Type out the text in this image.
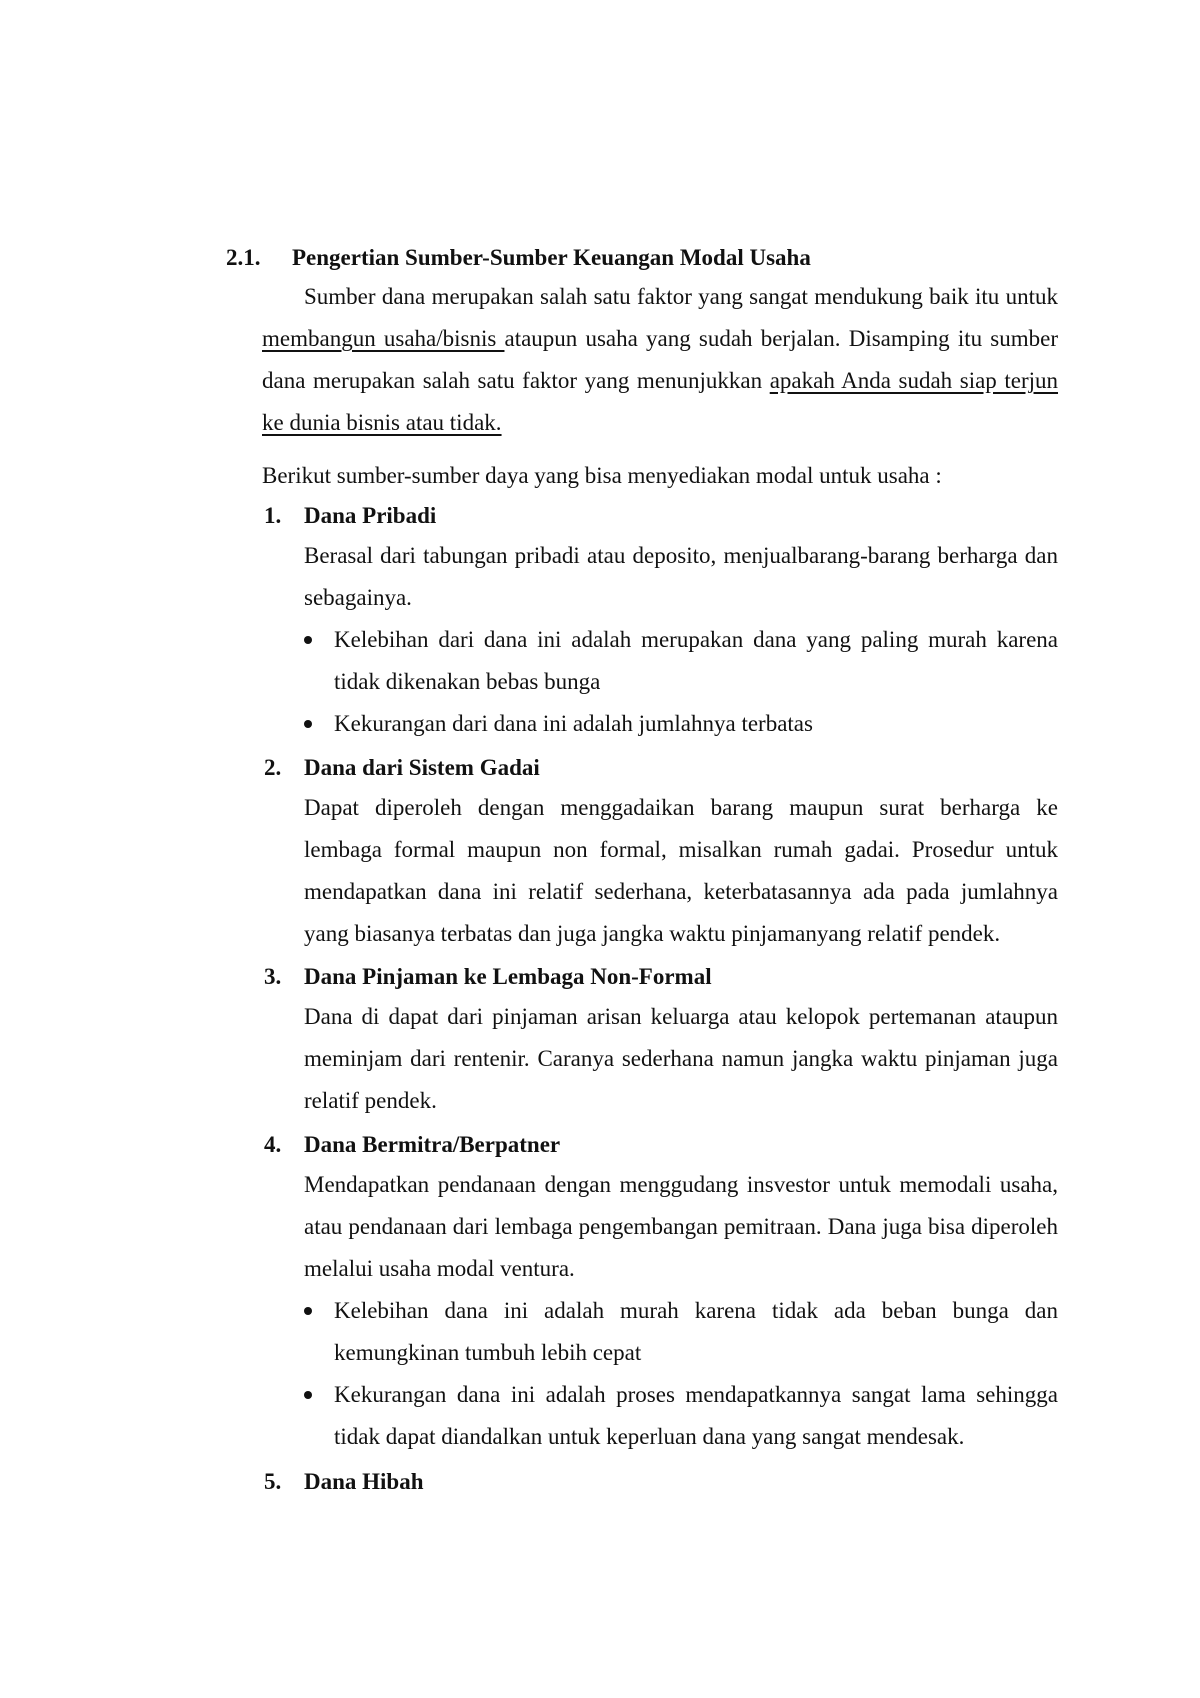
2.1. Pengertian Sumber-Sumber Keuangan Modal Usaha
Sumber dana merupakan salah satu faktor yang sangat mendukung baik itu untuk membangun usaha/bisnis ataupun usaha yang sudah berjalan. Disamping itu sumber dana merupakan salah satu faktor yang menunjukkan apakah Anda sudah siap terjun ke dunia bisnis atau tidak.
Berikut sumber-sumber daya yang bisa menyediakan modal untuk usaha :
1. Dana Pribadi
Berasal dari tabungan pribadi atau deposito, menjualbarang-barang berharga dan sebagainya.
Kelebihan dari dana ini adalah merupakan dana yang paling murah karena tidak dikenakan bebas bunga
Kekurangan dari dana ini adalah jumlahnya terbatas
2. Dana dari Sistem Gadai
Dapat diperoleh dengan menggadaikan barang maupun surat berharga ke lembaga formal maupun non formal, misalkan rumah gadai. Prosedur untuk mendapatkan dana ini relatif sederhana, keterbatasannya ada pada jumlahnya yang biasanya terbatas dan juga jangka waktu pinjamanyang relatif pendek.
3. Dana Pinjaman ke Lembaga Non-Formal
Dana di dapat dari pinjaman arisan keluarga atau kelopok pertemanan ataupun meminjam dari rentenir. Caranya sederhana namun jangka waktu pinjaman juga relatif pendek.
4. Dana Bermitra/Berpatner
Mendapatkan pendanaan dengan menggudang insvestor untuk memodali usaha, atau pendanaan dari lembaga pengembangan pemitraan. Dana juga bisa diperoleh melalui usaha modal ventura.
Kelebihan dana ini adalah murah karena tidak ada beban bunga dan kemungkinan tumbuh lebih cepat
Kekurangan dana ini adalah proses mendapatkannya sangat lama sehingga tidak dapat diandalkan untuk keperluan dana yang sangat mendesak.
5. Dana Hibah
